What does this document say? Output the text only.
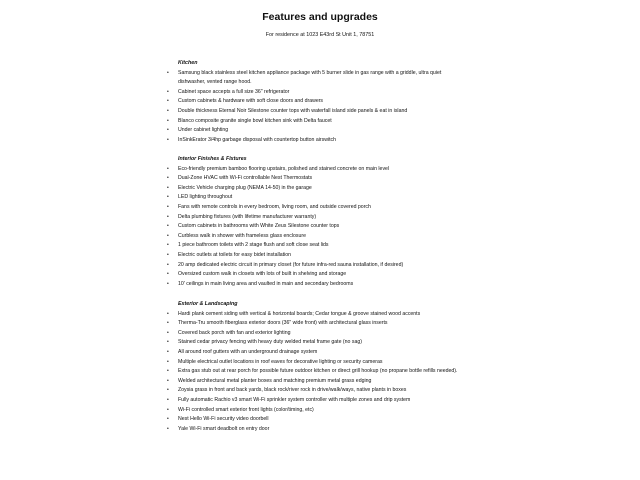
Features and upgrades
For residence at 1023 E43rd St Unit 1, 78751
Kitchen
• Samsung black stainless steel kitchen appliance package with 5 burner slide in gas range with a griddle, ultra quiet dishwasher, vented range hood.
• Cabinet space accepts a full size 36" refrigerator
• Custom cabinets & hardware with soft close doors and drawers
• Double thickness Eternal Noir Silestone counter tops with waterfall island side panels & eat in island
• Blanco composite granite single bowl kitchen sink with Delta faucet
• Under cabinet lighting
• InSinkErator 3/4hp garbage disposal with countertop button airswitch
Interior Finishes & Fixtures
• Eco-friendly premium bamboo flooring upstairs, polished and stained concrete on main level
• Dual-Zone HVAC with Wi-Fi controllable Nest Thermostats
• Electric Vehicle charging plug (NEMA 14-50) in the garage
• LED lighting throughout
• Fans with remote controls in every bedroom, living room, and outside covered porch
• Delta plumbing fixtures (with lifetime manufacturer warranty)
• Custom cabinets in bathrooms with White Zeus Silestone counter tops
• Curbless walk in shower with frameless glass enclosure
• 1 piece bathroom toilets with 2 stage flush and soft close seat lids
• Electric outlets at toilets for easy bidet installation
• 20 amp dedicated electric circuit in primary closet (for future infra-red sauna installation, if desired)
• Oversized custom walk in closets with lots of built in shelving and storage
• 10' ceilings in main living area and vaulted in main and secondary bedrooms
Exterior & Landscaping
• Hardi plank cement siding with vertical & horizontal boards; Cedar tongue & groove stained wood accents
• Therma-Tru smooth fiberglass exterior doors (36" wide front) with architectural glass inserts
• Covered back porch with fan and exterior lighting
• Stained cedar privacy fencing with heavy duty welded metal frame gate (no sag)
• All around roof gutters with an underground drainage system
• Multiple electrical outlet locations in roof eaves for decorative lighting or security cameras
• Extra gas stub out at rear porch for possible future outdoor kitchen or direct grill hookup (no propane bottle refills needed).
• Welded architectural metal planter boxes and matching premium metal grass edging
• Zoysia grass in front and back yards, black rock/river rock in drive/walk/ways, native plants in boxes
• Fully automatic Rachio v3 smart Wi-Fi sprinkler system controller with multiple zones and drip system
• Wi-Fi controlled smart exterior front lights (color/timing, etc)
• Nest Hello Wi-Fi security video doorbell
• Yale Wi-Fi smart deadbolt on entry door
